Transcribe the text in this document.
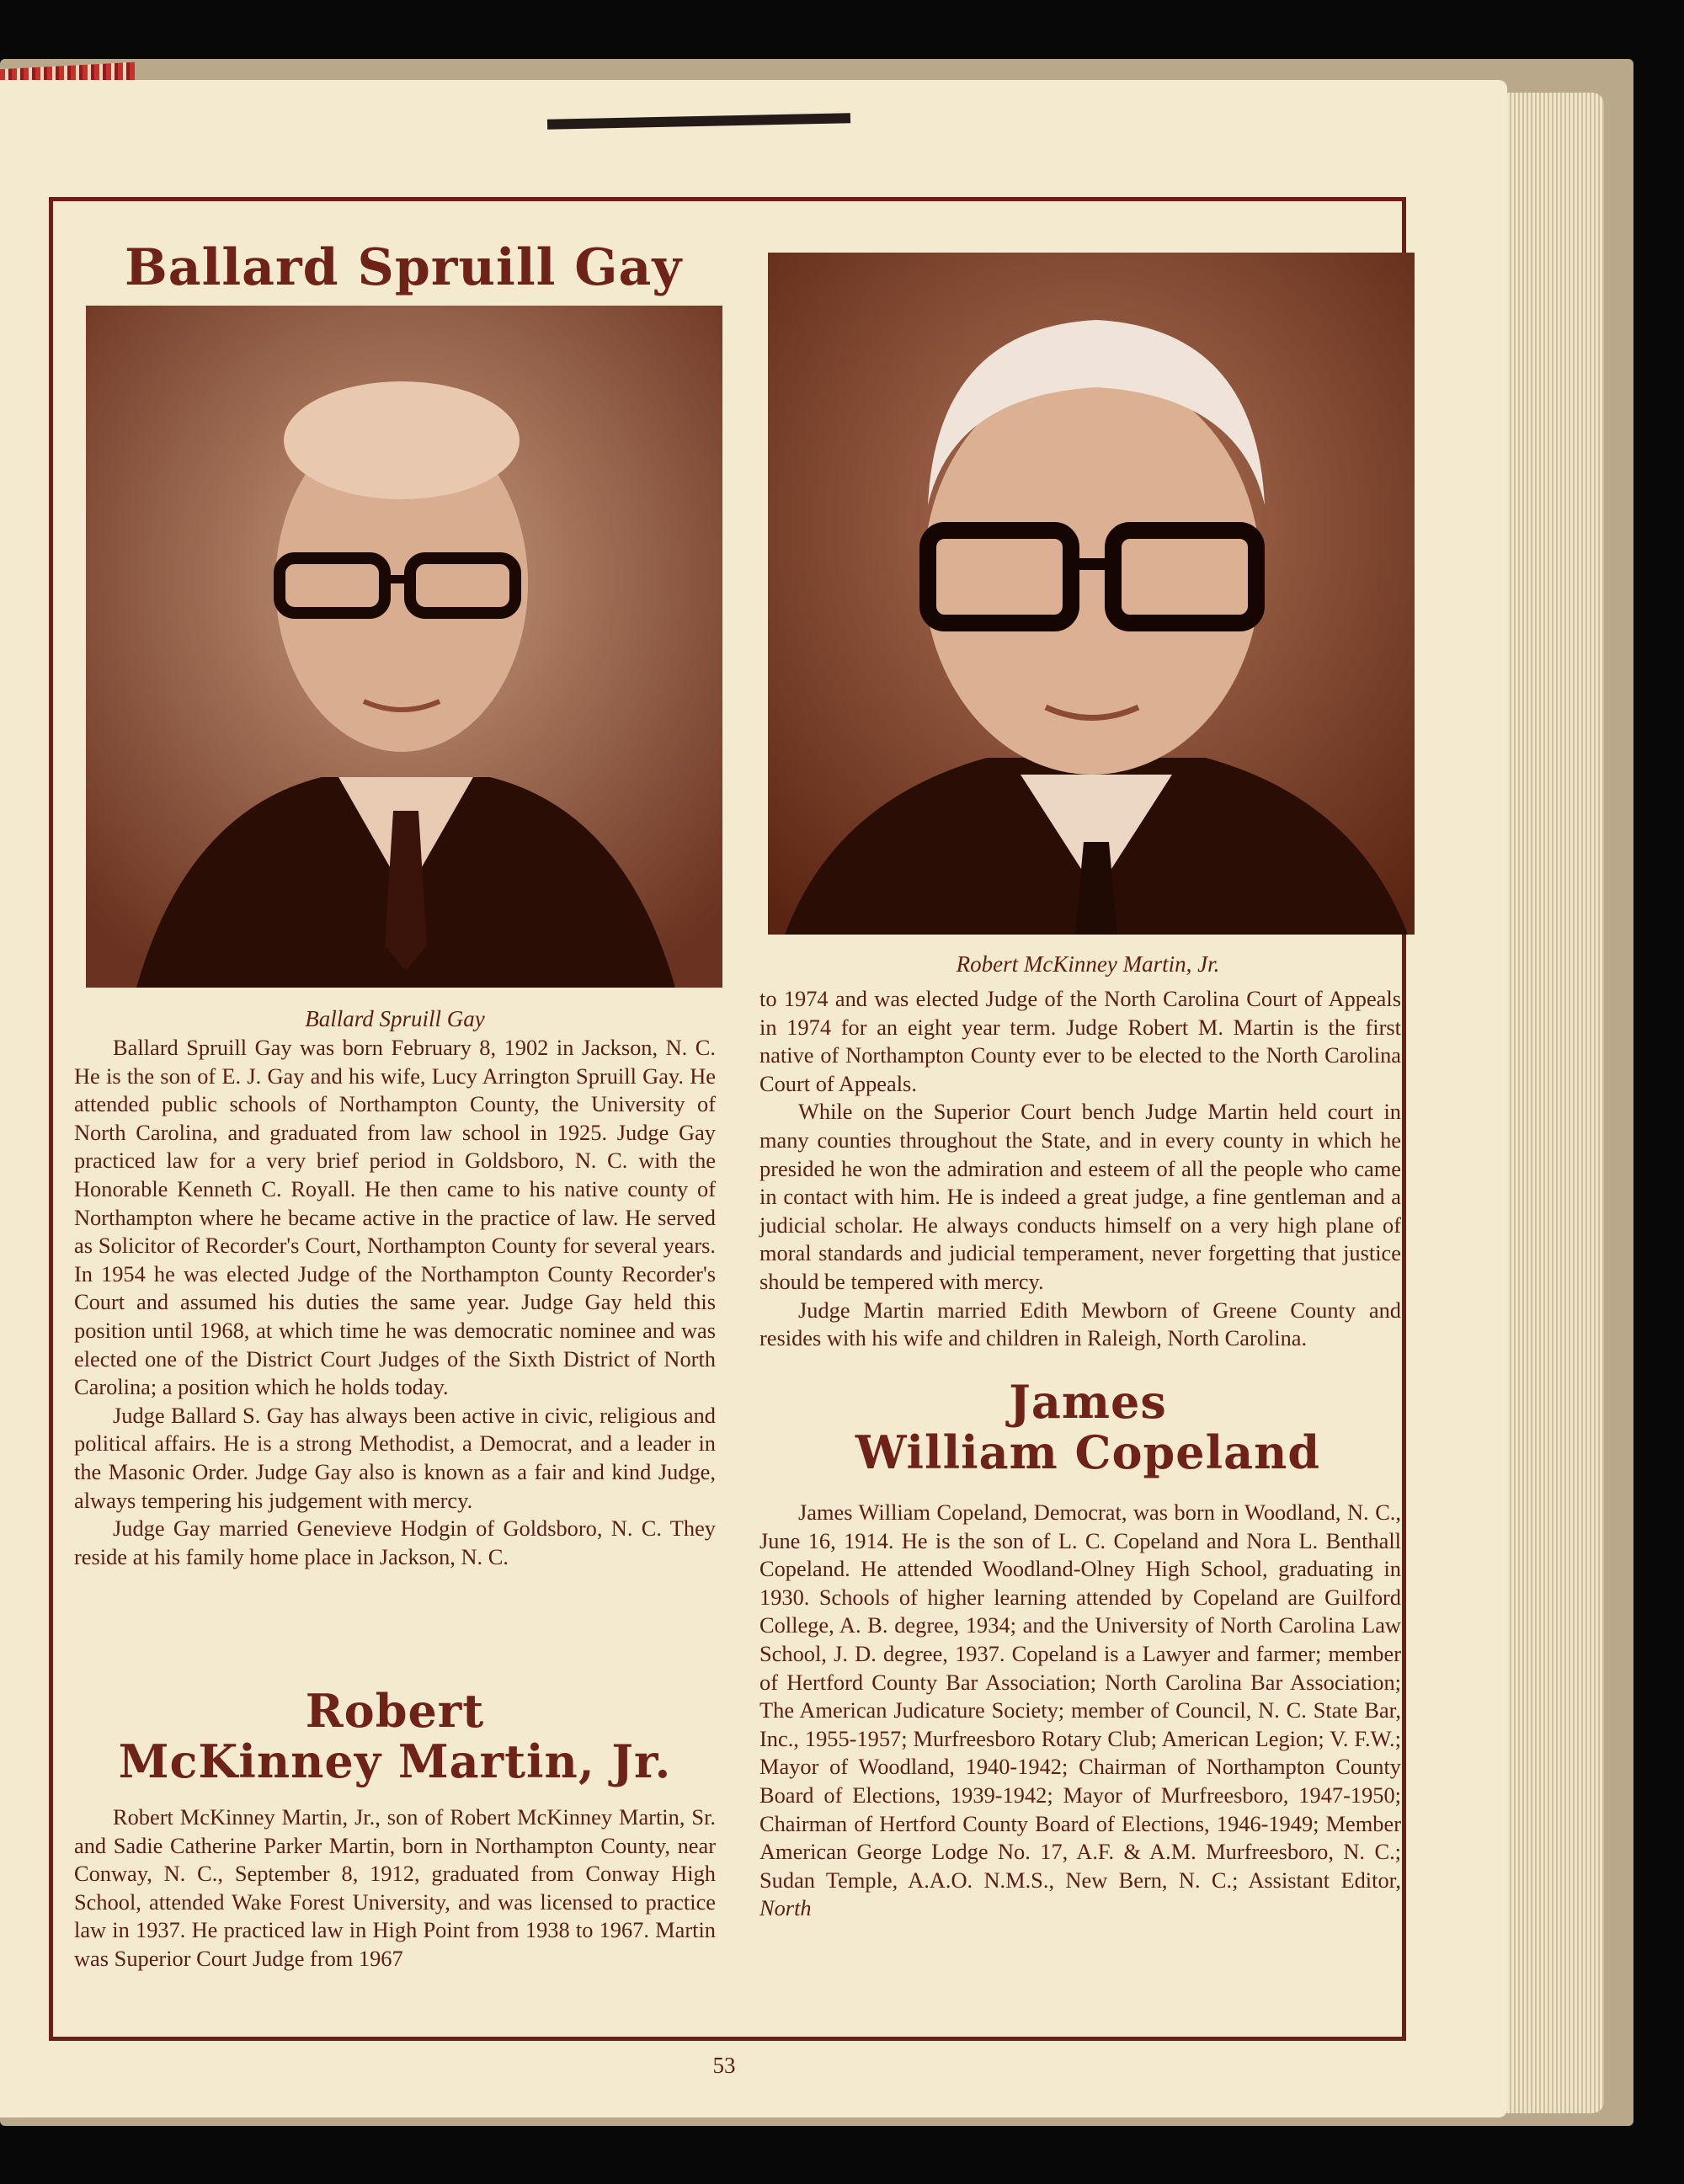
Ballard Spruill Gay

Ballard Spruill Gay

Ballard Spruill Gay was born February 8, 1902 in Jackson, N. C. He is the son of E. J. Gay and his wife, Lucy Arrington Spruill Gay. He attended public schools of Northampton County, the University of North Carolina, and graduated from law school in 1925. Judge Gay practiced law for a very brief period in Goldsboro, N. C. with the Honorable Kenneth C. Royall. He then came to his native county of Northampton where he became active in the practice of law. He served as Solicitor of Recorder's Court, Northampton County for several years. In 1954 he was elected Judge of the Northampton County Recorder's Court and assumed his duties the same year. Judge Gay held this position until 1968, at which time he was democratic nominee and was elected one of the District Court Judges of the Sixth District of North Carolina; a position which he holds today.

Judge Ballard S. Gay has always been active in civic, religious and political affairs. He is a strong Methodist, a Democrat, and a leader in the Masonic Order. Judge Gay also is known as a fair and kind Judge, always tempering his judgement with mercy.

Judge Gay married Genevieve Hodgin of Goldsboro, N. C. They reside at his family home place in Jackson, N. C.

Robert
McKinney Martin, Jr.

Robert McKinney Martin, Jr., son of Robert McKinney Martin, Sr. and Sadie Catherine Parker Martin, born in Northampton County, near Conway, N. C., September 8, 1912, graduated from Conway High School, attended Wake Forest University, and was licensed to practice law in 1937. He practiced law in High Point from 1938 to 1967. Martin was Superior Court Judge from 1967

Robert McKinney Martin, Jr.

to 1974 and was elected Judge of the North Carolina Court of Appeals in 1974 for an eight year term. Judge Robert M. Martin is the first native of Northampton County ever to be elected to the North Carolina Court of Appeals.

While on the Superior Court bench Judge Martin held court in many counties throughout the State, and in every county in which he presided he won the admiration and esteem of all the people who came in contact with him. He is indeed a great judge, a fine gentleman and a judicial scholar. He always conducts himself on a very high plane of moral standards and judicial temperament, never forgetting that justice should be tempered with mercy.

Judge Martin married Edith Mewborn of Greene County and resides with his wife and children in Raleigh, North Carolina.

James
William Copeland

James William Copeland, Democrat, was born in Woodland, N. C., June 16, 1914. He is the son of L. C. Copeland and Nora L. Benthall Copeland. He attended Woodland-Olney High School, graduating in 1930. Schools of higher learning attended by Copeland are Guilford College, A. B. degree, 1934; and the University of North Carolina Law School, J. D. degree, 1937. Copeland is a Lawyer and farmer; member of Hertford County Bar Association; North Carolina Bar Association; The American Judicature Society; member of Council, N. C. State Bar, Inc., 1955-1957; Murfreesboro Rotary Club; American Legion; V. F.W.; Mayor of Woodland, 1940-1942; Chairman of Northampton County Board of Elections, 1939-1942; Mayor of Murfreesboro, 1947-1950; Chairman of Hertford County Board of Elections, 1946-1949; Member American George Lodge No. 17, A.F. & A.M. Murfreesboro, N. C.; Sudan Temple, A.A.O. N.M.S., New Bern, N. C.; Assistant Editor, North

53
